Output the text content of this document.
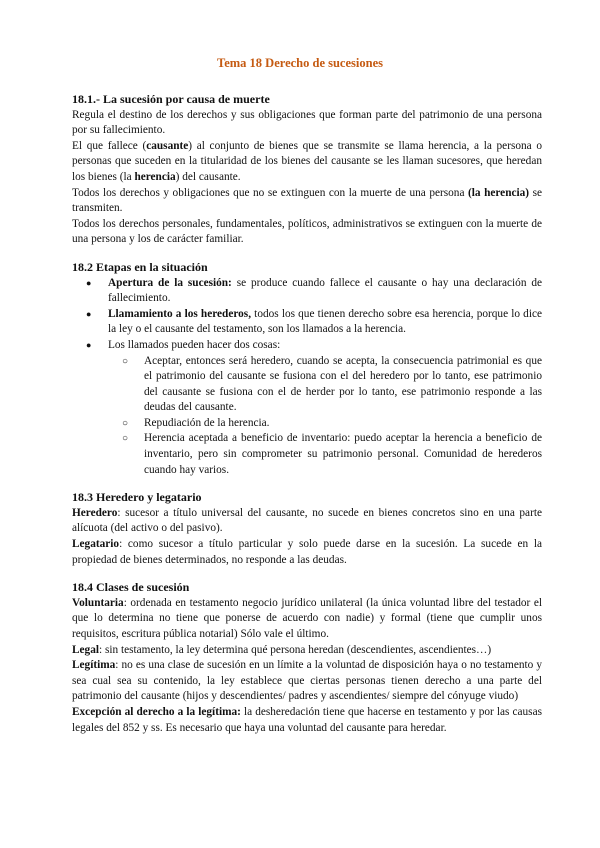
Tema 18 Derecho de sucesiones
18.1.- La sucesión por causa de muerte

Regula el destino de los derechos y sus obligaciones que forman parte del patrimonio de una persona por su fallecimiento.

El que fallece (causante) al conjunto de bienes que se transmite se llama herencia, a la persona o personas que suceden en la titularidad de los bienes del causante se les llaman sucesores, que heredan los bienes (la herencia) del causante.

Todos los derechos y obligaciones que no se extinguen con la muerte de una persona (la herencia) se transmiten.

Todos los derechos personales, fundamentales, políticos, administrativos se extinguen con la muerte de una persona y los de carácter familiar.

18.2 Etapas en la situación
● Apertura de la sucesión: se produce cuando fallece el causante o hay una declaración de fallecimiento.
● Llamamiento a los herederos, todos los que tienen derecho sobre esa herencia, porque lo dice la ley o el causante del testamento, son los llamados a la herencia.
● Los llamados pueden hacer dos cosas:
○ Aceptar, entonces será heredero, cuando se acepta, la consecuencia patrimonial es que el patrimonio del causante se fusiona con el del heredero por lo tanto, ese patrimonio del causante se fusiona con el de herder por lo tanto, ese patrimonio responde a las deudas del causante.
○ Repudiación de la herencia.
○ Herencia aceptada a beneficio de inventario: puedo aceptar la herencia a beneficio de inventario, pero sin comprometer su patrimonio personal. Comunidad de herederos cuando hay varios.
18.3 Heredero y legatario

Heredero: sucesor a título universal del causante, no sucede en bienes concretos sino en una parte alícuota (del activo o del pasivo).

Legatario: como sucesor a título particular y solo puede darse en la sucesión. La sucede en la propiedad de bienes determinados, no responde a las deudas.

18.4 Clases de sucesión

Voluntaria: ordenada en testamento negocio jurídico unilateral (la única voluntad libre del testador el que lo determina no tiene que ponerse de acuerdo con nadie) y formal (tiene que cumplir unos requisitos, escritura pública notarial) Sólo vale el último.

Legal: sin testamento, la ley determina qué persona heredan (descendientes, ascendientes…)

Legítima: no es una clase de sucesión en un límite a la voluntad de disposición haya o no testamento y sea cual sea su contenido, la ley establece que ciertas personas tienen derecho a una parte del patrimonio del causante (hijos y descendientes/ padres y ascendientes/ siempre del cónyuge viudo)

Excepción al derecho a la legítima: la desheredación tiene que hacerse en testamento y por las causas legales del 852 y ss. Es necesario que haya una voluntad del causante para heredar.
